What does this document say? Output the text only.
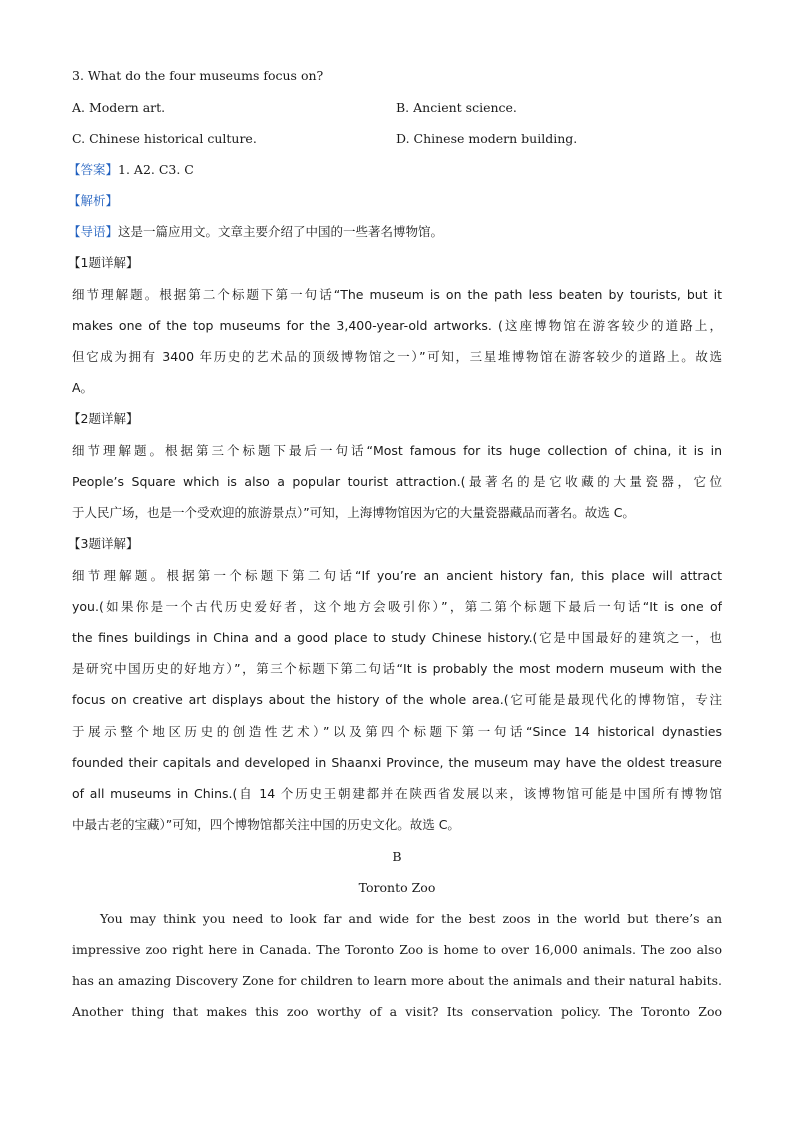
3. What do the four museums focus on?
A. Modern art.	B. Ancient science.
C. Chinese historical culture.	D. Chinese modern building.
【答案】1. A2. C3. C
【解析】
【导语】这是一篇应用文。文章主要介绍了中国的一些著名博物馆。
【1题详解】
细节理解题。根据第二个标题下第一句话“The museum is on the path less beaten by tourists, but it
makes one of the top museums for the 3,400-year-old artworks. (这座博物馆在游客较少的道路上，
但它成为拥有 3400 年历史的艺术品的顶级博物馆之一）”可知，三星堆博物馆在游客较少的道路上。故选
A。
【2题详解】
细节理解题。根据第三个标题下最后一句话“Most famous for its huge collection of china, it is in
People’s Square which is also a popular tourist attraction.(最著名的是它收藏的大量瓷器，它位
于人民广场，也是一个受欢迎的旅游景点）”可知，上海博物馆因为它的大量瓷器藏品而著名。故选 C。
【3题详解】
细节理解题。根据第一个标题下第二句话“If you’re an ancient history fan, this place will attract
you.(如果你是一个古代历史爱好者，这个地方会吸引你）”，第二第个标题下最后一句话“It is one of
the fines buildings in China and a good place to study Chinese history.(它是中国最好的建筑之一，也
是研究中国历史的好地方）”，第三个标题下第二句话“It is probably the most modern museum with the
focus on creative art displays about the history of the whole area.(它可能是最现代化的博物馆，专注
于展示整个地区历史的创造性艺术）”以及第四个标题下第一句话“Since 14 historical dynasties
founded their capitals and developed in Shaanxi Province, the museum may have the oldest treasure
of all museums in Chins.(自 14 个历史王朝建都并在陕西省发展以来，该博物馆可能是中国所有博物馆
中最古老的宝藏）”可知，四个博物馆都关注中国的历史文化。故选 C。
B
Toronto Zoo
You may think you need to look far and wide for the best zoos in the world but there’s an
impressive zoo right here in Canada. The Toronto Zoo is home to over 16,000 animals. The zoo also
has an amazing Discovery Zone for children to learn more about the animals and their natural habits.
Another thing that makes this zoo worthy of a visit? Its conservation policy. The Toronto Zoo
